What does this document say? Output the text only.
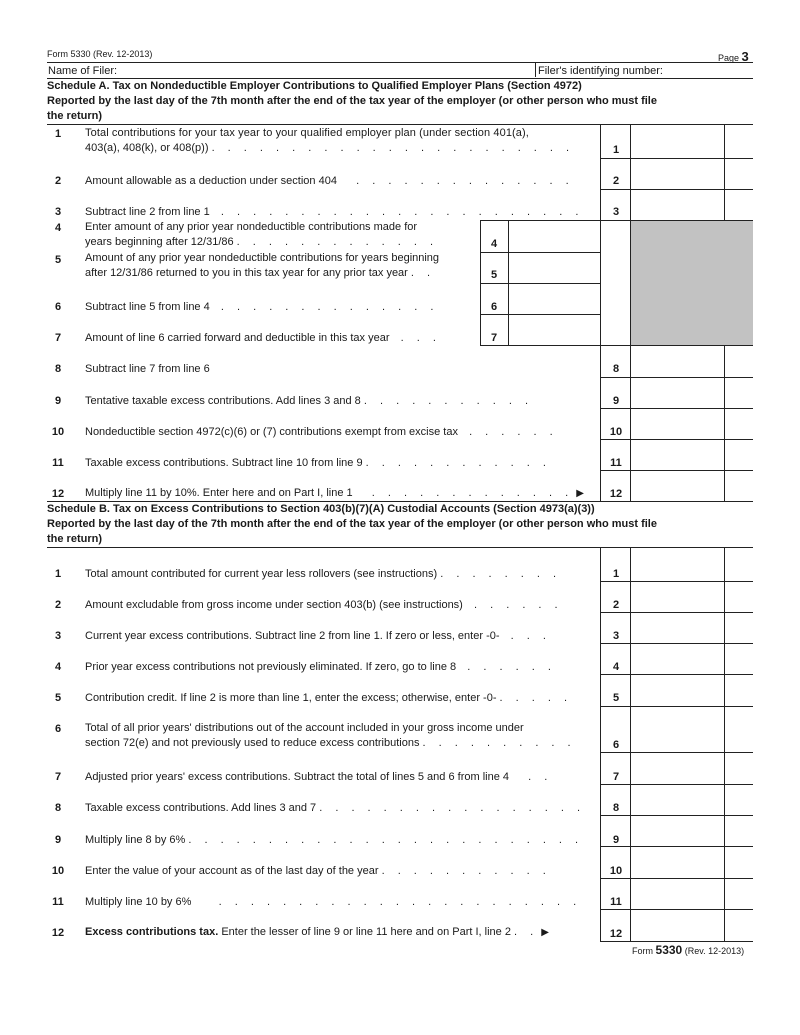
Form 5330 (Rev. 12-2013)	Page 3
Name of Filer:	Filer's identifying number:
Schedule A. Tax on Nondeductible Employer Contributions to Qualified Employer Plans (Section 4972)
Reported by the last day of the 7th month after the end of the tax year of the employer (or other person who must file
the return)
1	Total contributions for your tax year to your qualified employer plan (under section 401(a),
403(a), 408(k), or 408(p)) . . . . . . . . . . . . . . . . . . . . . . .	1
2	Amount allowable as a deduction under section 404   . . . . . . . . . . . . . .	2
3	Subtract line 2 from line 1  . . . . . . . . . . . . . . . . . . . . . . .	3
4	Enter amount of any prior year nondeductible contributions made for
years beginning after 12/31/86 . . . . . . . . . . . . .	4
5	Amount of any prior year nondeductible contributions for years beginning
after 12/31/86 returned to you in this tax year for any prior tax year . .	5
6	Subtract line 5 from line 4  . . . . . . . . . . . . . .	6
7	Amount of line 6 carried forward and deductible in this tax year  . . .	7
8	Subtract line 7 from line 6	8
9	Tentative taxable excess contributions. Add lines 3 and 8 . . . . . . . . . . .	9
10	Nondeductible section 4972(c)(6) or (7) contributions exempt from excise tax  . . . . . .	10
11	Taxable excess contributions. Subtract line 10 from line 9 . . . . . . . . . . . .	11
12	Multiply line 11 by 10%. Enter here and on Part I, line 1   . . . . . . . . . . . . . ▶	12
Schedule B. Tax on Excess Contributions to Section 403(b)(7)(A) Custodial Accounts (Section 4973(a)(3))
Reported by the last day of the 7th month after the end of the tax year of the employer (or other person who must file
the return)
1	Total amount contributed for current year less rollovers (see instructions) . . . . . . . .	1
2	Amount excludable from gross income under section 403(b) (see instructions)  . . . . . .	2
3	Current year excess contributions. Subtract line 2 from line 1. If zero or less, enter -0-  . . .	3
4	Prior year excess contributions not previously eliminated. If zero, go to line 8  . . . . . .	4
5	Contribution credit. If line 2 is more than line 1, enter the excess; otherwise, enter -0- . . . . .	5
6	Total of all prior years' distributions out of the account included in your gross income under
section 72(e) and not previously used to reduce excess contributions . . . . . . . . . .	6
7	Adjusted prior years' excess contributions. Subtract the total of lines 5 and 6 from line 4   . .	7
8	Taxable excess contributions. Add lines 3 and 7 . . . . . . . . . . . . . . . . .	8
9	Multiply line 8 by 6% . . . . . . . . . . . . . . . . . . . . . . . . .	9
10	Enter the value of your account as of the last day of the year . . . . . . . . . . .	10
11	Multiply line 10 by 6%    . . . . . . . . . . . . . . . . . . . . . . .	11
12	Excess contributions tax. Enter the lesser of line 9 or line 11 here and on Part I, line 2 . . ▶	12
Form 5330 (Rev. 12-2013)
